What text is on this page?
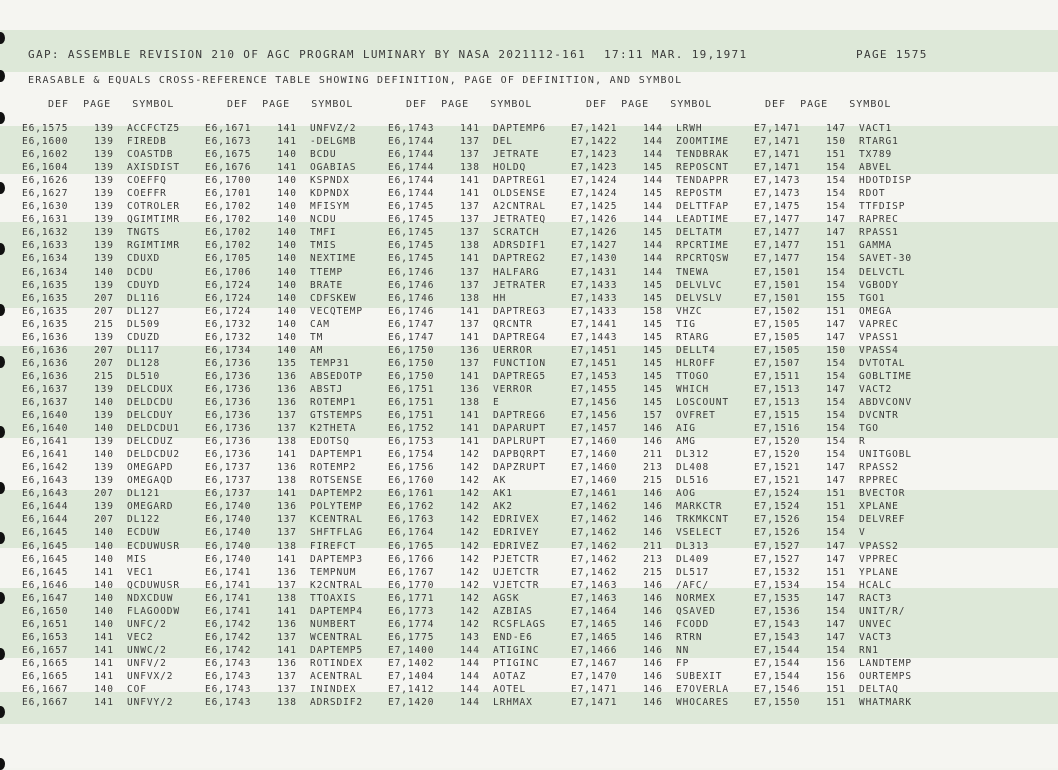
GAP: ASSEMBLE REVISION 210 OF AGC PROGRAM LUMINARY BY NASA 2021112-161 17:11 MAR. 19,1971	PAGE 1575
ERASABLE & EQUALS CROSS-REFERENCE TABLE SHOWING DEFINITION, PAGE OF DEFINITION, AND SYMBOL
DEF PAGE SYMBOL	DEF PAGE SYMBOL	DEF PAGE SYMBOL	DEF PAGE SYMBOL	DEF PAGE SYMBOL
E6,1575	139	ACCFCTZ5	E6,1671	141	UNFVZ/2	E6,1743	141	DAPTEMP6	E7,1421	144	LRWH	E7,1471	147	VACT1
E6,1600	139	FIREDB	E6,1673	141	-DELGMB	E6,1744	137	DEL	E7,1422	144	ZOOMTIME	E7,1471	150	RTARG1
E6,1602	139	COASTDB	E6,1675	140	BCDU	E6,1744	137	JETRATE	E7,1423	144	TENDBRAK	E7,1471	151	TX789
E6,1604	139	AXISDIST	E6,1676	141	OGABIAS	E6,1744	138	HOLDQ	E7,1423	145	REPOSCNT	E7,1471	154	ABVEL
E6,1626	139	COEFFQ	E6,1700	140	KSPNDX	E6,1744	141	DAPTREG1	E7,1424	144	TENDAPPR	E7,1473	154	HDOTDISP
E6,1627	139	COEFFR	E6,1701	140	KDPNDX	E6,1744	141	OLDSENSE	E7,1424	145	REPOSTM	E7,1473	154	RDOT
E6,1630	139	COTROLER	E6,1702	140	MFISYM	E6,1745	137	A2CNTRAL	E7,1425	144	DELTTFAP	E7,1475	154	TTFDISP
E6,1631	139	QGIMTIMR	E6,1702	140	NCDU	E6,1745	137	JETRATEQ	E7,1426	144	LEADTIME	E7,1477	147	RAPREC
E6,1632	139	TNGTS	E6,1702	140	TMFI	E6,1745	137	SCRATCH	E7,1426	145	DELTATM	E7,1477	147	RPASS1
E6,1633	139	RGIMTIMR	E6,1702	140	TMIS	E6,1745	138	ADRSDIF1	E7,1427	144	RPCRTIME	E7,1477	151	GAMMA
E6,1634	139	CDUXD	E6,1705	140	NEXTIME	E6,1745	141	DAPTREG2	E7,1430	144	RPCRTQSW	E7,1477	154	SAVET-30
E6,1634	140	DCDU	E6,1706	140	TTEMP	E6,1746	137	HALFARG	E7,1431	144	TNEWA	E7,1501	154	DELVCTL
E6,1635	139	CDUYD	E6,1724	140	BRATE	E6,1746	137	JETRATER	E7,1433	145	DELVLVC	E7,1501	154	VGBODY
E6,1635	207	DL116	E6,1724	140	CDFSKEW	E6,1746	138	HH	E7,1433	145	DELVSLV	E7,1501	155	TGO1
E6,1635	207	DL127	E6,1724	140	VECQTEMP	E6,1746	141	DAPTREG3	E7,1433	158	VHZC	E7,1502	151	OMEGA
E6,1635	215	DL509	E6,1732	140	CAM	E6,1747	137	QRCNTR	E7,1441	145	TIG	E7,1505	147	VAPREC
E6,1636	139	CDUZD	E6,1732	140	TM	E6,1747	141	DAPTREG4	E7,1443	145	RTARG	E7,1505	147	VPASS1
E6,1636	207	DL117	E6,1734	140	AM	E6,1750	136	UERROR	E7,1451	145	DELLT4	E7,1505	150	VPASS4
E6,1636	207	DL128	E6,1736	135	TEMP31	E6,1750	137	FUNCTION	E7,1451	145	HLROFF	E7,1507	154	DVTOTAL
E6,1636	215	DL510	E6,1736	136	ABSEDOTP	E6,1750	141	DAPTREG5	E7,1453	145	TTOGO	E7,1511	154	GOBLTIME
E6,1637	139	DELCDUX	E6,1736	136	ABSTJ	E6,1751	136	VERROR	E7,1455	145	WHICH	E7,1513	147	VACT2
E6,1637	140	DELDCDU	E6,1736	136	ROTEMP1	E6,1751	138	E	E7,1456	145	LOSCOUNT	E7,1513	154	ABDVCONV
E6,1640	139	DELCDUY	E6,1736	137	GTSTEMPS	E6,1751	141	DAPTREG6	E7,1456	157	OVFRET	E7,1515	154	DVCNTR
E6,1640	140	DELDCDU1	E6,1736	137	K2THETA	E6,1752	141	DAPARUPT	E7,1457	146	AIG	E7,1516	154	TGO
E6,1641	139	DELCDUZ	E6,1736	138	EDOTSQ	E6,1753	141	DAPLRUPT	E7,1460	146	AMG	E7,1520	154	R
E6,1641	140	DELDCDU2	E6,1736	141	DAPTEMP1	E6,1754	142	DAPBQRPT	E7,1460	211	DL312	E7,1520	154	UNITGOBL
E6,1642	139	OMEGAPD	E6,1737	136	ROTEMP2	E6,1756	142	DAPZRUPT	E7,1460	213	DL408	E7,1521	147	RPASS2
E6,1643	139	OMEGAQD	E6,1737	138	ROTSENSE	E6,1760	142	AK	E7,1460	215	DL516	E7,1521	147	RPPREC
E6,1643	207	DL121	E6,1737	141	DAPTEMP2	E6,1761	142	AK1	E7,1461	146	AOG	E7,1524	151	BVECTOR
E6,1644	139	OMEGARD	E6,1740	136	POLYTEMP	E6,1762	142	AK2	E7,1462	146	MARKCTR	E7,1524	151	XPLANE
E6,1644	207	DL122	E6,1740	137	KCENTRAL	E6,1763	142	EDRIVEX	E7,1462	146	TRKMKCNT	E7,1526	154	DELVREF
E6,1645	140	ECDUW	E6,1740	137	SHFTFLAG	E6,1764	142	EDRIVEY	E7,1462	146	VSELECT	E7,1526	154	V
E6,1645	140	ECDUWUSR	E6,1740	138	FIREFCT	E6,1765	142	EDRIVEZ	E7,1462	211	DL313	E7,1527	147	VPASS2
E6,1645	140	MIS	E6,1740	141	DAPTEMP3	E6,1766	142	PJETCTR	E7,1462	213	DL409	E7,1527	147	VPPREC
E6,1645	141	VEC1	E6,1741	136	TEMPNUM	E6,1767	142	UJETCTR	E7,1462	215	DL517	E7,1532	151	YPLANE
E6,1646	140	QCDUWUSR	E6,1741	137	K2CNTRAL	E6,1770	142	VJETCTR	E7,1463	146	/AFC/	E7,1534	154	HCALC
E6,1647	140	NDXCDUW	E6,1741	138	TTOAXIS	E6,1771	142	AGSK	E7,1463	146	NORMEX	E7,1535	147	RACT3
E6,1650	140	FLAGOODW	E6,1741	141	DAPTEMP4	E6,1773	142	AZBIAS	E7,1464	146	QSAVED	E7,1536	154	UNIT/R/
E6,1651	140	UNFC/2	E6,1742	136	NUMBERT	E6,1774	142	RCSFLAGS	E7,1465	146	FCODD	E7,1543	147	UNVEC
E6,1653	141	VEC2	E6,1742	137	WCENTRAL	E6,1775	143	END-E6	E7,1465	146	RTRN	E7,1543	147	VACT3
E6,1657	141	UNWC/2	E6,1742	141	DAPTEMP5	E7,1400	144	ATIGINC	E7,1466	146	NN	E7,1544	154	RN1
E6,1665	141	UNFV/2	E6,1743	136	ROTINDEX	E7,1402	144	PTIGINC	E7,1467	146	FP	E7,1544	156	LANDTEMP
E6,1665	141	UNFVX/2	E6,1743	137	ACENTRAL	E7,1404	144	AOTAZ	E7,1470	146	SUBEXIT	E7,1544	156	OURTEMPS
E6,1667	140	COF	E6,1743	137	ININDEX	E7,1412	144	AOTEL	E7,1471	146	E7OVERLA	E7,1546	151	DELTAQ
E6,1667	141	UNFVY/2	E6,1743	138	ADRSDIF2	E7,1420	144	LRHMAX	E7,1471	146	WHOCARES	E7,1550	151	WHATMARK
